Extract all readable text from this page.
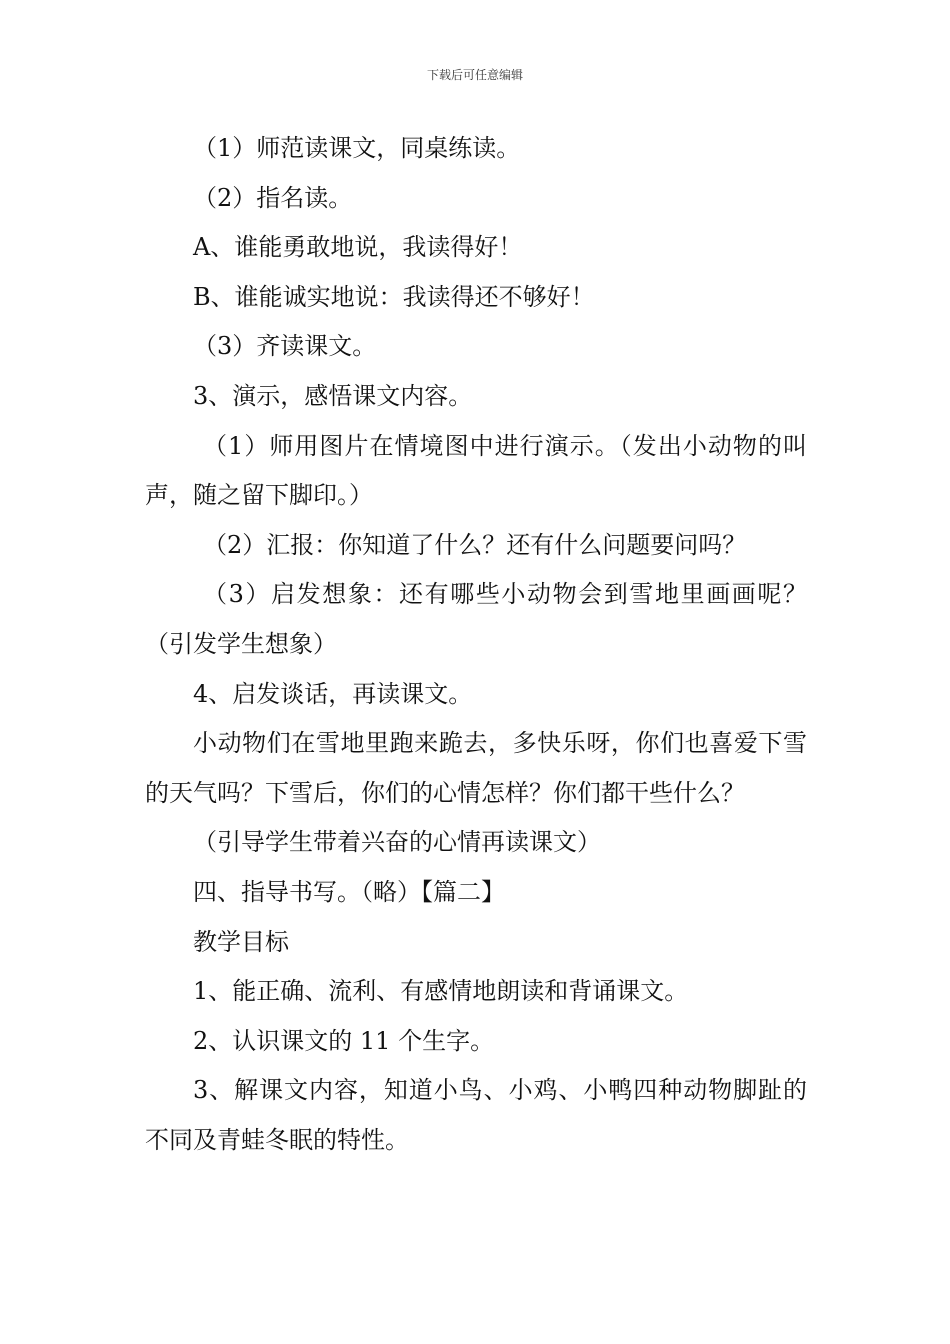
下载后可任意编辑

（1）师范读课文，同桌练读。

（2）指名读。

A、谁能勇敢地说，我读得好！

B、谁能诚实地说：我读得还不够好！

（3）齐读课文。

3、演示，感悟课文内容。

（1）师用图片在情境图中进行演示。（发出小动物的叫声，随之留下脚印。）

（2）汇报：你知道了什么？还有什么问题要问吗？

（3）启发想象：还有哪些小动物会到雪地里画画呢？（引发学生想象）

4、启发谈话，再读课文。

小动物们在雪地里跑来跪去，多快乐呀，你们也喜爱下雪的天气吗？下雪后，你们的心情怎样？你们都干些什么？

（引导学生带着兴奋的心情再读课文）

四、指导书写。（略）【篇二】

教学目标

1、能正确、流利、有感情地朗读和背诵课文。

2、认识课文的 11 个生字。

3、解课文内容，知道小鸟、小鸡、小鸭四种动物脚趾的不同及青蛙冬眠的特性。
